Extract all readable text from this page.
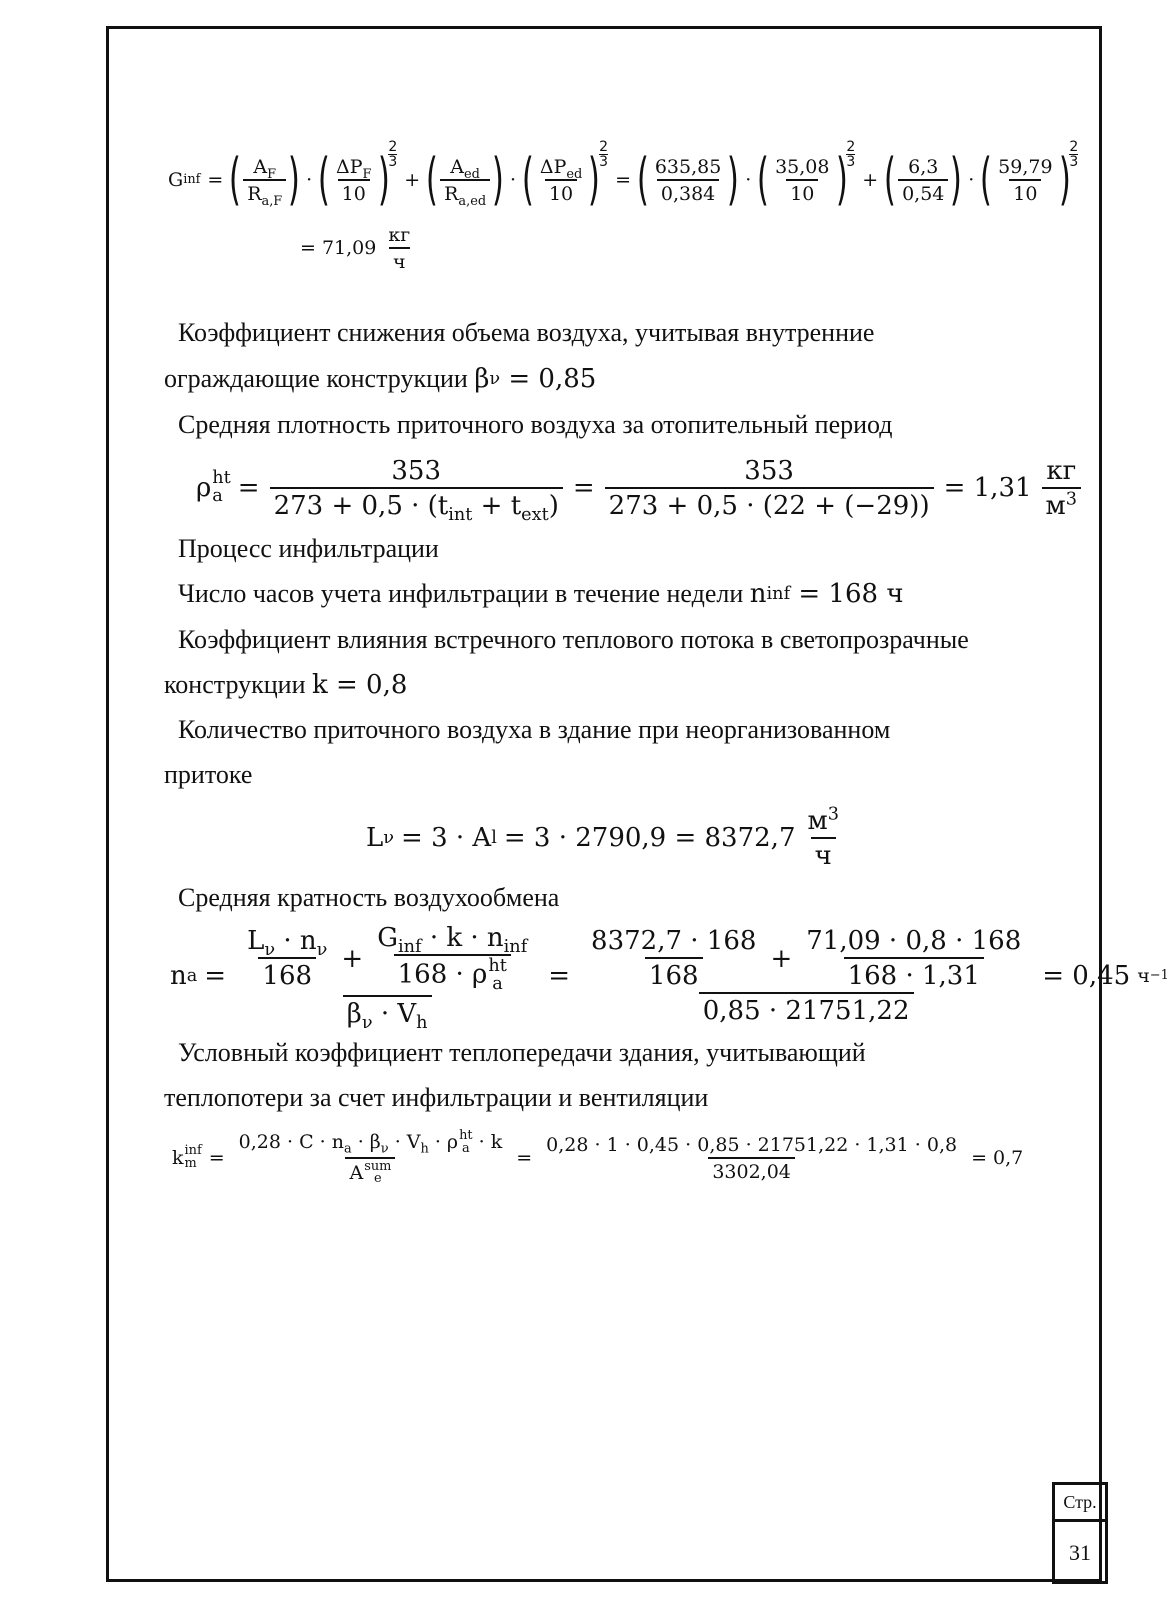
G inf = ( $\frac{A_F}{R_{a,F}}$ ) · ( $\frac{\Delta P_F}{10}$ )
2
3
+ ( $\frac{A_{ed}}{R_{a,ed}}$ ) · ( $\frac{\Delta P_{ed}}{10}$ )
$\frac{2}{3}$
= ( $\frac{635,85}{0,384}$ ) · ( $\frac{35,08}{10}$ )
2
3
+ ( $\frac{6,3}{0,54}$ ) · ( $\frac{59,79}{10}$ )
2
3
= $71,09 \frac{кг}{ч}$
Коэффициент снижения объема воздуха, учитывая внутренние
ограждающие конструкции β ν
= 0,85
Средняя плотность приточного воздуха за отопительный период
ρ ht
$a = \frac{353}{273 + 0,5 \cdot (t_{int} + t_{ext})} = \frac{353}{273 + 0,5 \cdot (22 + (-29))} = 1,31 \frac{кг}{м^3}$
Процесс инфильтрации
Число часов учета инфильтрации в течение недели n inf
= 168 ч
Коэффициент влияния встречного теплового потока в светопрозрачные
конструкции k = 0,8
Количество приточного воздуха в здание при неорганизованном
притоке
L ν = 3 · A $l = 3 \cdot 2790,9 = 8372,7 \frac{м^3}{ч}$
Средняя кратность воздухообмена
n $a = \frac{L_\nu \cdot n_\nu}{168} + G_{inf} \cdot k \cdot n_{inf}$
168 · ρ ht
a
$\beta_\nu \cdot V_h = \frac{\frac{8372,7 \cdot 168}{168} + \frac{71,09 \cdot 0,8 \cdot 168}{168 \cdot 1,31}}{0,85 \cdot 21751,22} = 0,45$ ч −1
Условный коэффициент теплопередачи здания, учитывающий
теплопотери за счет инфильтрации и вентиляции
k inf
$m = 0,28 \cdot C \cdot n_a \cdot \beta_\nu \cdot V_h \cdot \rho$ ht
a · k
A sum
$e = \frac{0,28 \cdot 1 \cdot 0,45 \cdot 0,85 \cdot 21751,22 \cdot 1,31 \cdot 0,8}{3302,04} = 0,7$
Стр.
31
